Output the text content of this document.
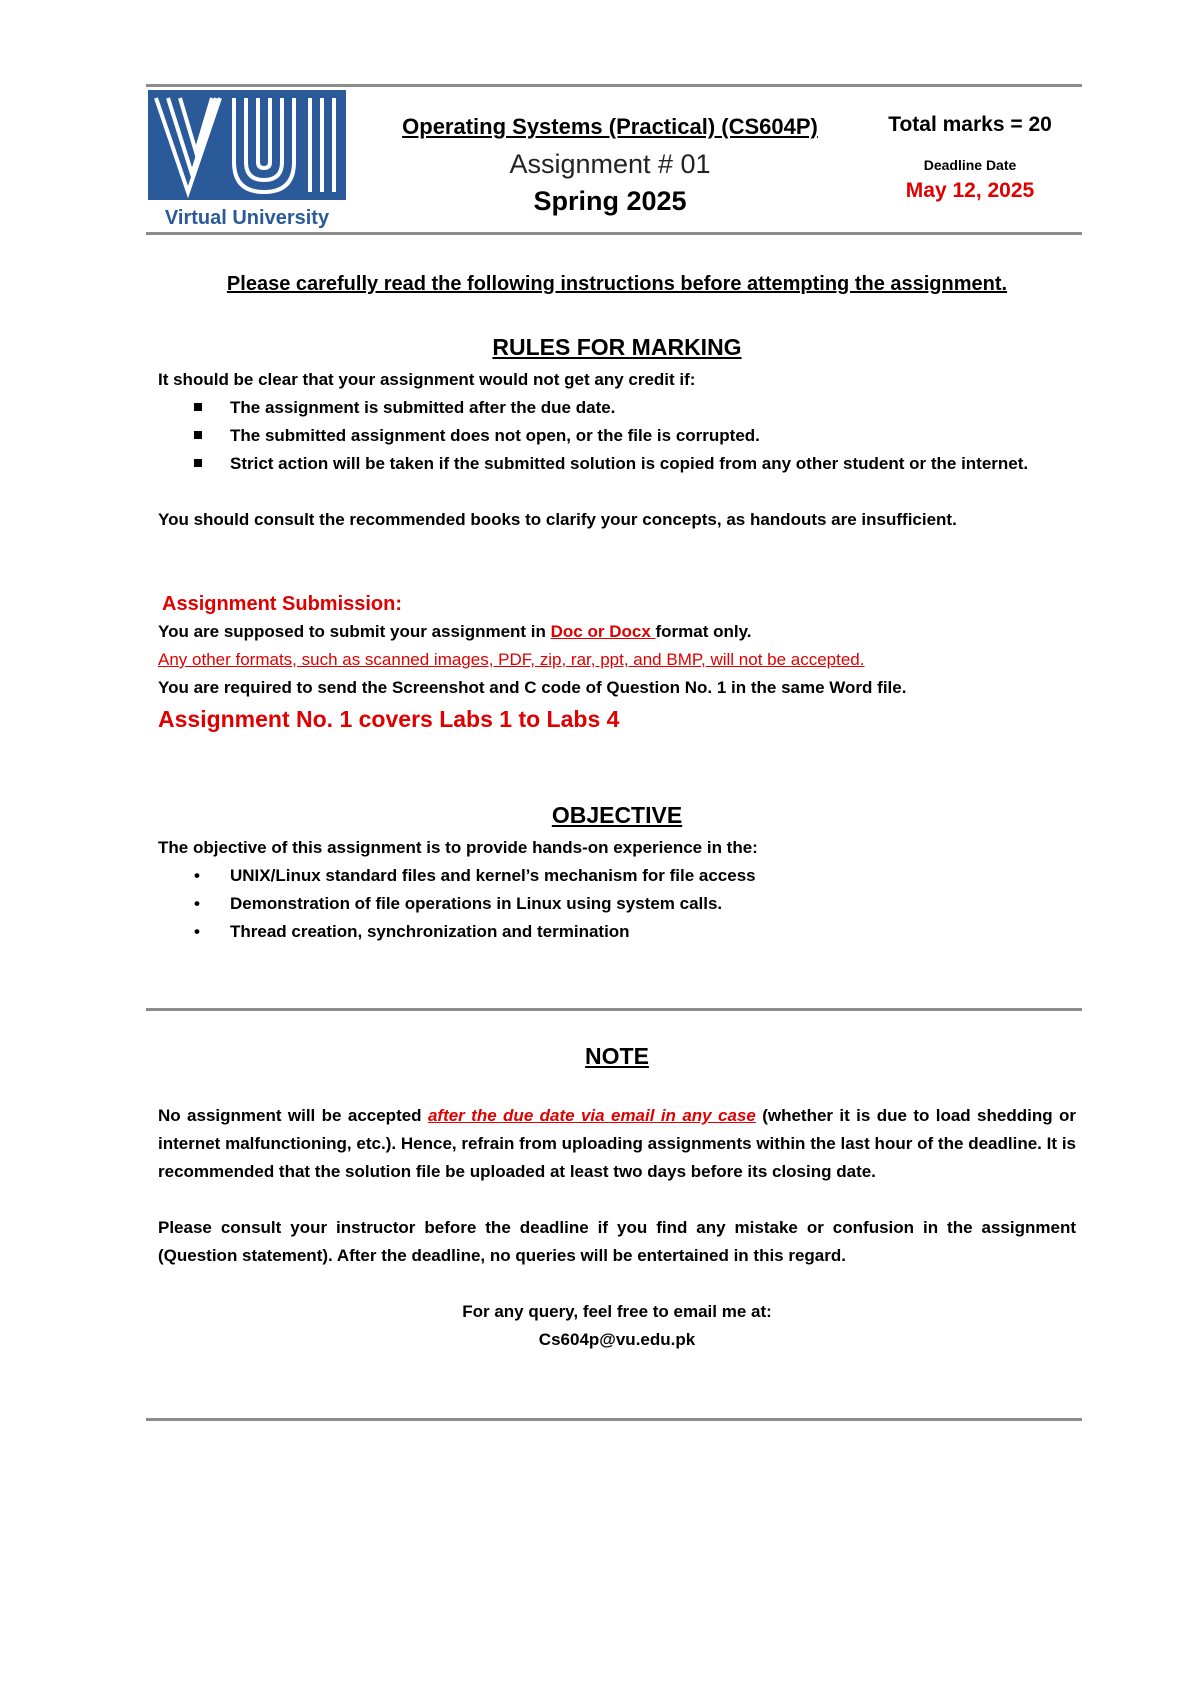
Virtual University
Operating Systems (Practical) (CS604P)
Assignment # 01
Spring 2025
Total marks = 20
Deadline Date
May 12, 2025
Please carefully read the following instructions before attempting the assignment.
RULES FOR MARKING
It should be clear that your assignment would not get any credit if:
The assignment is submitted after the due date.
The submitted assignment does not open, or the file is corrupted.
Strict action will be taken if the submitted solution is copied from any other student or the internet.
You should consult the recommended books to clarify your concepts, as handouts are insufficient.
Assignment Submission:
You are supposed to submit your assignment in Doc or Docx format only.
Any other formats, such as scanned images, PDF, zip, rar, ppt, and BMP, will not be accepted.
You are required to send the Screenshot and C code of Question No. 1 in the same Word file.
Assignment No. 1 covers Labs 1 to Labs 4
OBJECTIVE
The objective of this assignment is to provide hands-on experience in the:
• UNIX/Linux standard files and kernel’s mechanism for file access
• Demonstration of file operations in Linux using system calls.
• Thread creation, synchronization and termination
NOTE
No assignment will be accepted after the due date via email in any case (whether it is due to load shedding or internet malfunctioning, etc.). Hence, refrain from uploading assignments within the last hour of the deadline. It is recommended that the solution file be uploaded at least two days before its closing date.
Please consult your instructor before the deadline if you find any mistake or confusion in the assignment (Question statement). After the deadline, no queries will be entertained in this regard.
For any query, feel free to email me at:
Cs604p@vu.edu.pk
